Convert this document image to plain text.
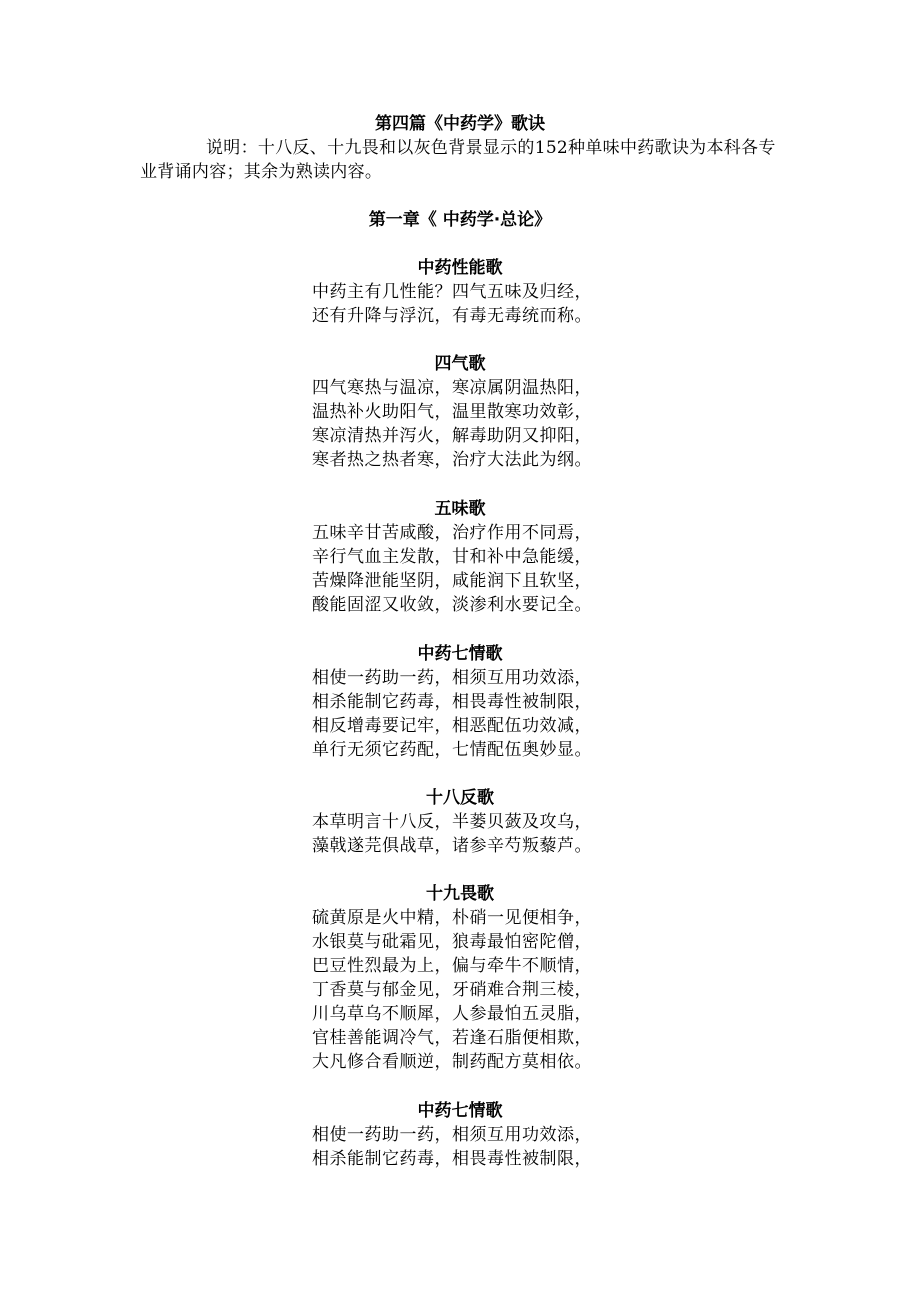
第四篇《中药学》歌诀
说明：十八反、十九畏和以灰色背景显示的152种单味中药歌诀为本科各专业背诵内容；其余为熟读内容。
第一章《 中药学·总论》
中药性能歌
中药主有几性能？四气五味及归经，
还有升降与浮沉，有毒无毒统而称。
四气歌
四气寒热与温凉，寒凉属阴温热阳，
温热补火助阳气，温里散寒功效彰，
寒凉清热并泻火，解毒助阴又抑阳，
寒者热之热者寒，治疗大法此为纲。
五味歌
五味辛甘苦咸酸，治疗作用不同焉，
辛行气血主发散，甘和补中急能缓，
苦燥降泄能坚阴，咸能润下且软坚，
酸能固涩又收敛，淡渗利水要记全。
中药七情歌
相使一药助一药，相须互用功效添，
相杀能制它药毒，相畏毒性被制限，
相反增毒要记牢，相恶配伍功效减，
单行无须它药配，七情配伍奥妙显。
十八反歌
本草明言十八反，半蒌贝蔹及攻乌，
藻戟遂芫俱战草，诸参辛芍叛藜芦。
十九畏歌
硫黄原是火中精，朴硝一见便相争，
水银莫与砒霜见，狼毒最怕密陀僧，
巴豆性烈最为上，偏与牵牛不顺情，
丁香莫与郁金见，牙硝难合荆三棱，
川乌草乌不顺犀，人参最怕五灵脂，
官桂善能调冷气，若逢石脂便相欺，
大凡修合看顺逆，制药配方莫相依。
中药七情歌
相使一药助一药，相须互用功效添，
相杀能制它药毒，相畏毒性被制限，
